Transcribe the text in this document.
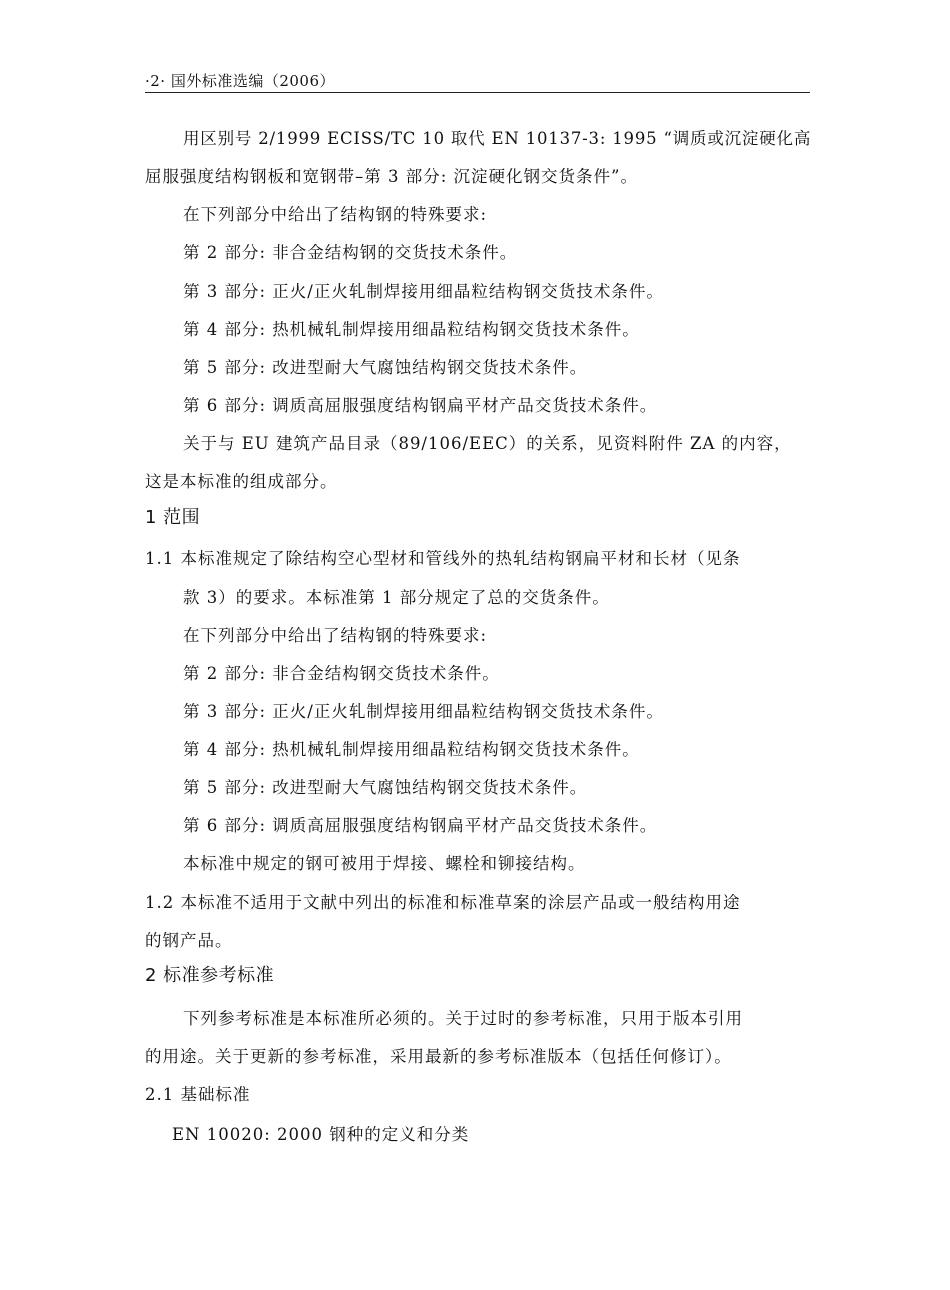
·2· 国外标准选编（2006）
用区别号 2/1999 ECISS/TC 10 取代 EN 10137-3: 1995 “调质或沉淀硬化高
屈服强度结构钢板和宽钢带–第 3 部分: 沉淀硬化钢交货条件”。
在下列部分中给出了结构钢的特殊要求:
第 2 部分: 非合金结构钢的交货技术条件。
第 3 部分: 正火/正火轧制焊接用细晶粒结构钢交货技术条件。
第 4 部分: 热机械轧制焊接用细晶粒结构钢交货技术条件。
第 5 部分: 改进型耐大气腐蚀结构钢交货技术条件。
第 6 部分: 调质高屈服强度结构钢扁平材产品交货技术条件。
关于与 EU 建筑产品目录（89/106/EEC）的关系，见资料附件 ZA 的内容，
这是本标准的组成部分。
1 范围
1.1 本标准规定了除结构空心型材和管线外的热轧结构钢扁平材和长材（见条
款 3）的要求。本标准第 1 部分规定了总的交货条件。
在下列部分中给出了结构钢的特殊要求:
第 2 部分: 非合金结构钢交货技术条件。
第 3 部分: 正火/正火轧制焊接用细晶粒结构钢交货技术条件。
第 4 部分: 热机械轧制焊接用细晶粒结构钢交货技术条件。
第 5 部分: 改进型耐大气腐蚀结构钢交货技术条件。
第 6 部分: 调质高屈服强度结构钢扁平材产品交货技术条件。
本标准中规定的钢可被用于焊接、螺栓和铆接结构。
1.2 本标准不适用于文献中列出的标准和标准草案的涂层产品或一般结构用途
的钢产品。
2 标准参考标准
下列参考标准是本标准所必须的。关于过时的参考标准，只用于版本引用
的用途。关于更新的参考标准，采用最新的参考标准版本（包括任何修订）。
2.1 基础标准
EN 10020: 2000 钢种的定义和分类
